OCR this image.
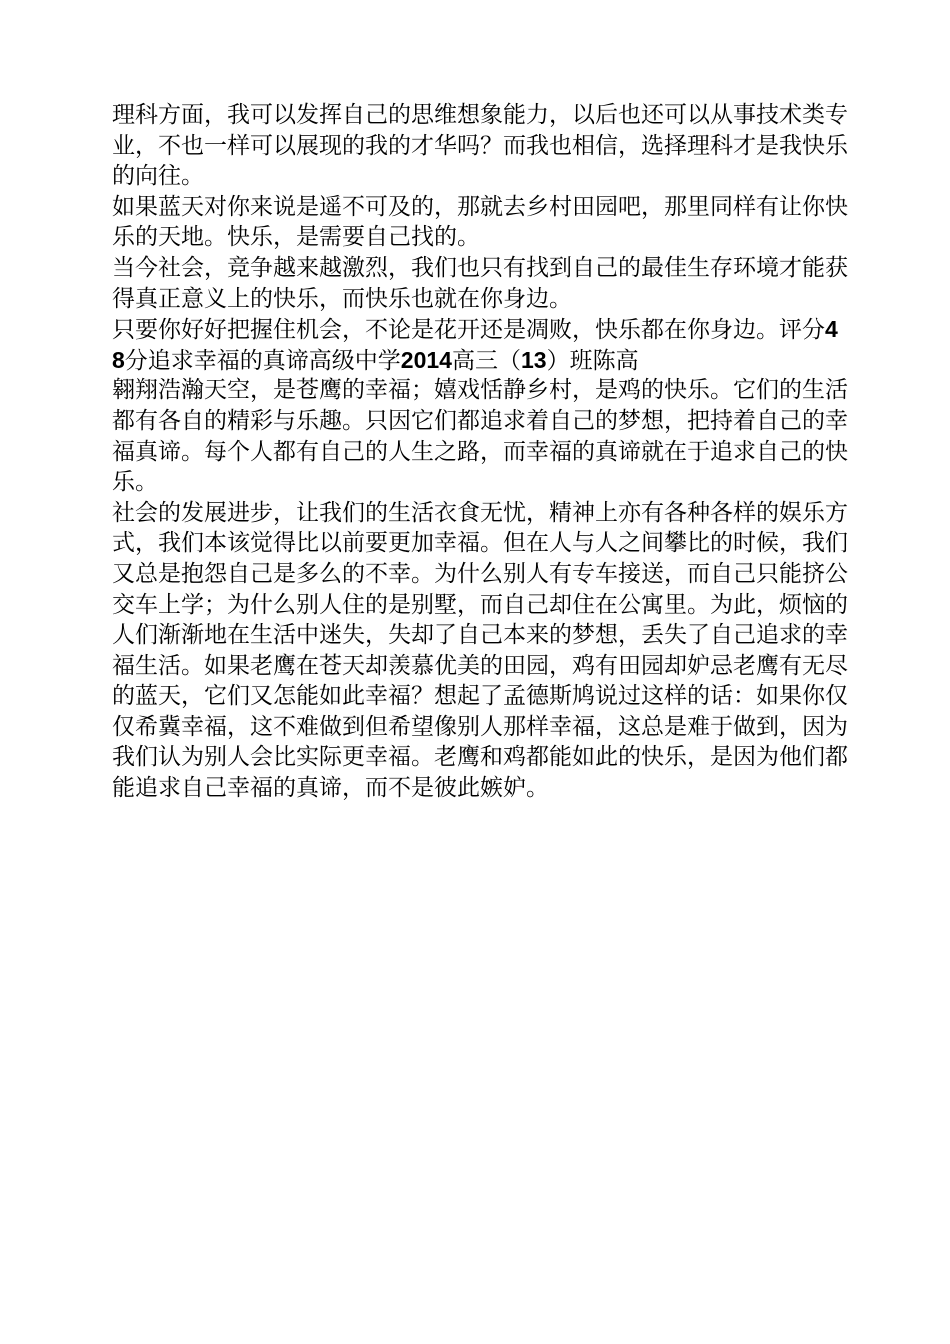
理科方面，我可以发挥自己的思维想象能力，以后也还可以从事技术类专
业，不也一样可以展现的我的才华吗？而我也相信，选择理科才是我快乐
的向往。
如果蓝天对你来说是遥不可及的，那就去乡村田园吧，那里同样有让你快
乐的天地。快乐，是需要自己找的。
当今社会，竞争越来越激烈，我们也只有找到自己的最佳生存环境才能获
得真正意义上的快乐，而快乐也就在你身边。
只要你好好把握住机会，不论是花开还是凋败，快乐都在你身边。评分4
8分追求幸福的真谛高级中学2014高三（13）班陈高
翱翔浩瀚天空，是苍鹰的幸福；嬉戏恬静乡村，是鸡的快乐。它们的生活
都有各自的精彩与乐趣。只因它们都追求着自己的梦想，把持着自己的幸
福真谛。每个人都有自己的人生之路，而幸福的真谛就在于追求自己的快
乐。
社会的发展进步，让我们的生活衣食无忧，精神上亦有各种各样的娱乐方
式，我们本该觉得比以前要更加幸福。但在人与人之间攀比的时候，我们
又总是抱怨自己是多么的不幸。为什么别人有专车接送，而自己只能挤公
交车上学；为什么别人住的是别墅，而自己却住在公寓里。为此，烦恼的
人们渐渐地在生活中迷失，失却了自己本来的梦想，丢失了自己追求的幸
福生活。如果老鹰在苍天却羡慕优美的田园，鸡有田园却妒忌老鹰有无尽
的蓝天，它们又怎能如此幸福？想起了孟德斯鸠说过这样的话：如果你仅
仅希冀幸福，这不难做到但希望像别人那样幸福，这总是难于做到，因为
我们认为别人会比实际更幸福。老鹰和鸡都能如此的快乐，是因为他们都
能追求自己幸福的真谛，而不是彼此嫉妒。
